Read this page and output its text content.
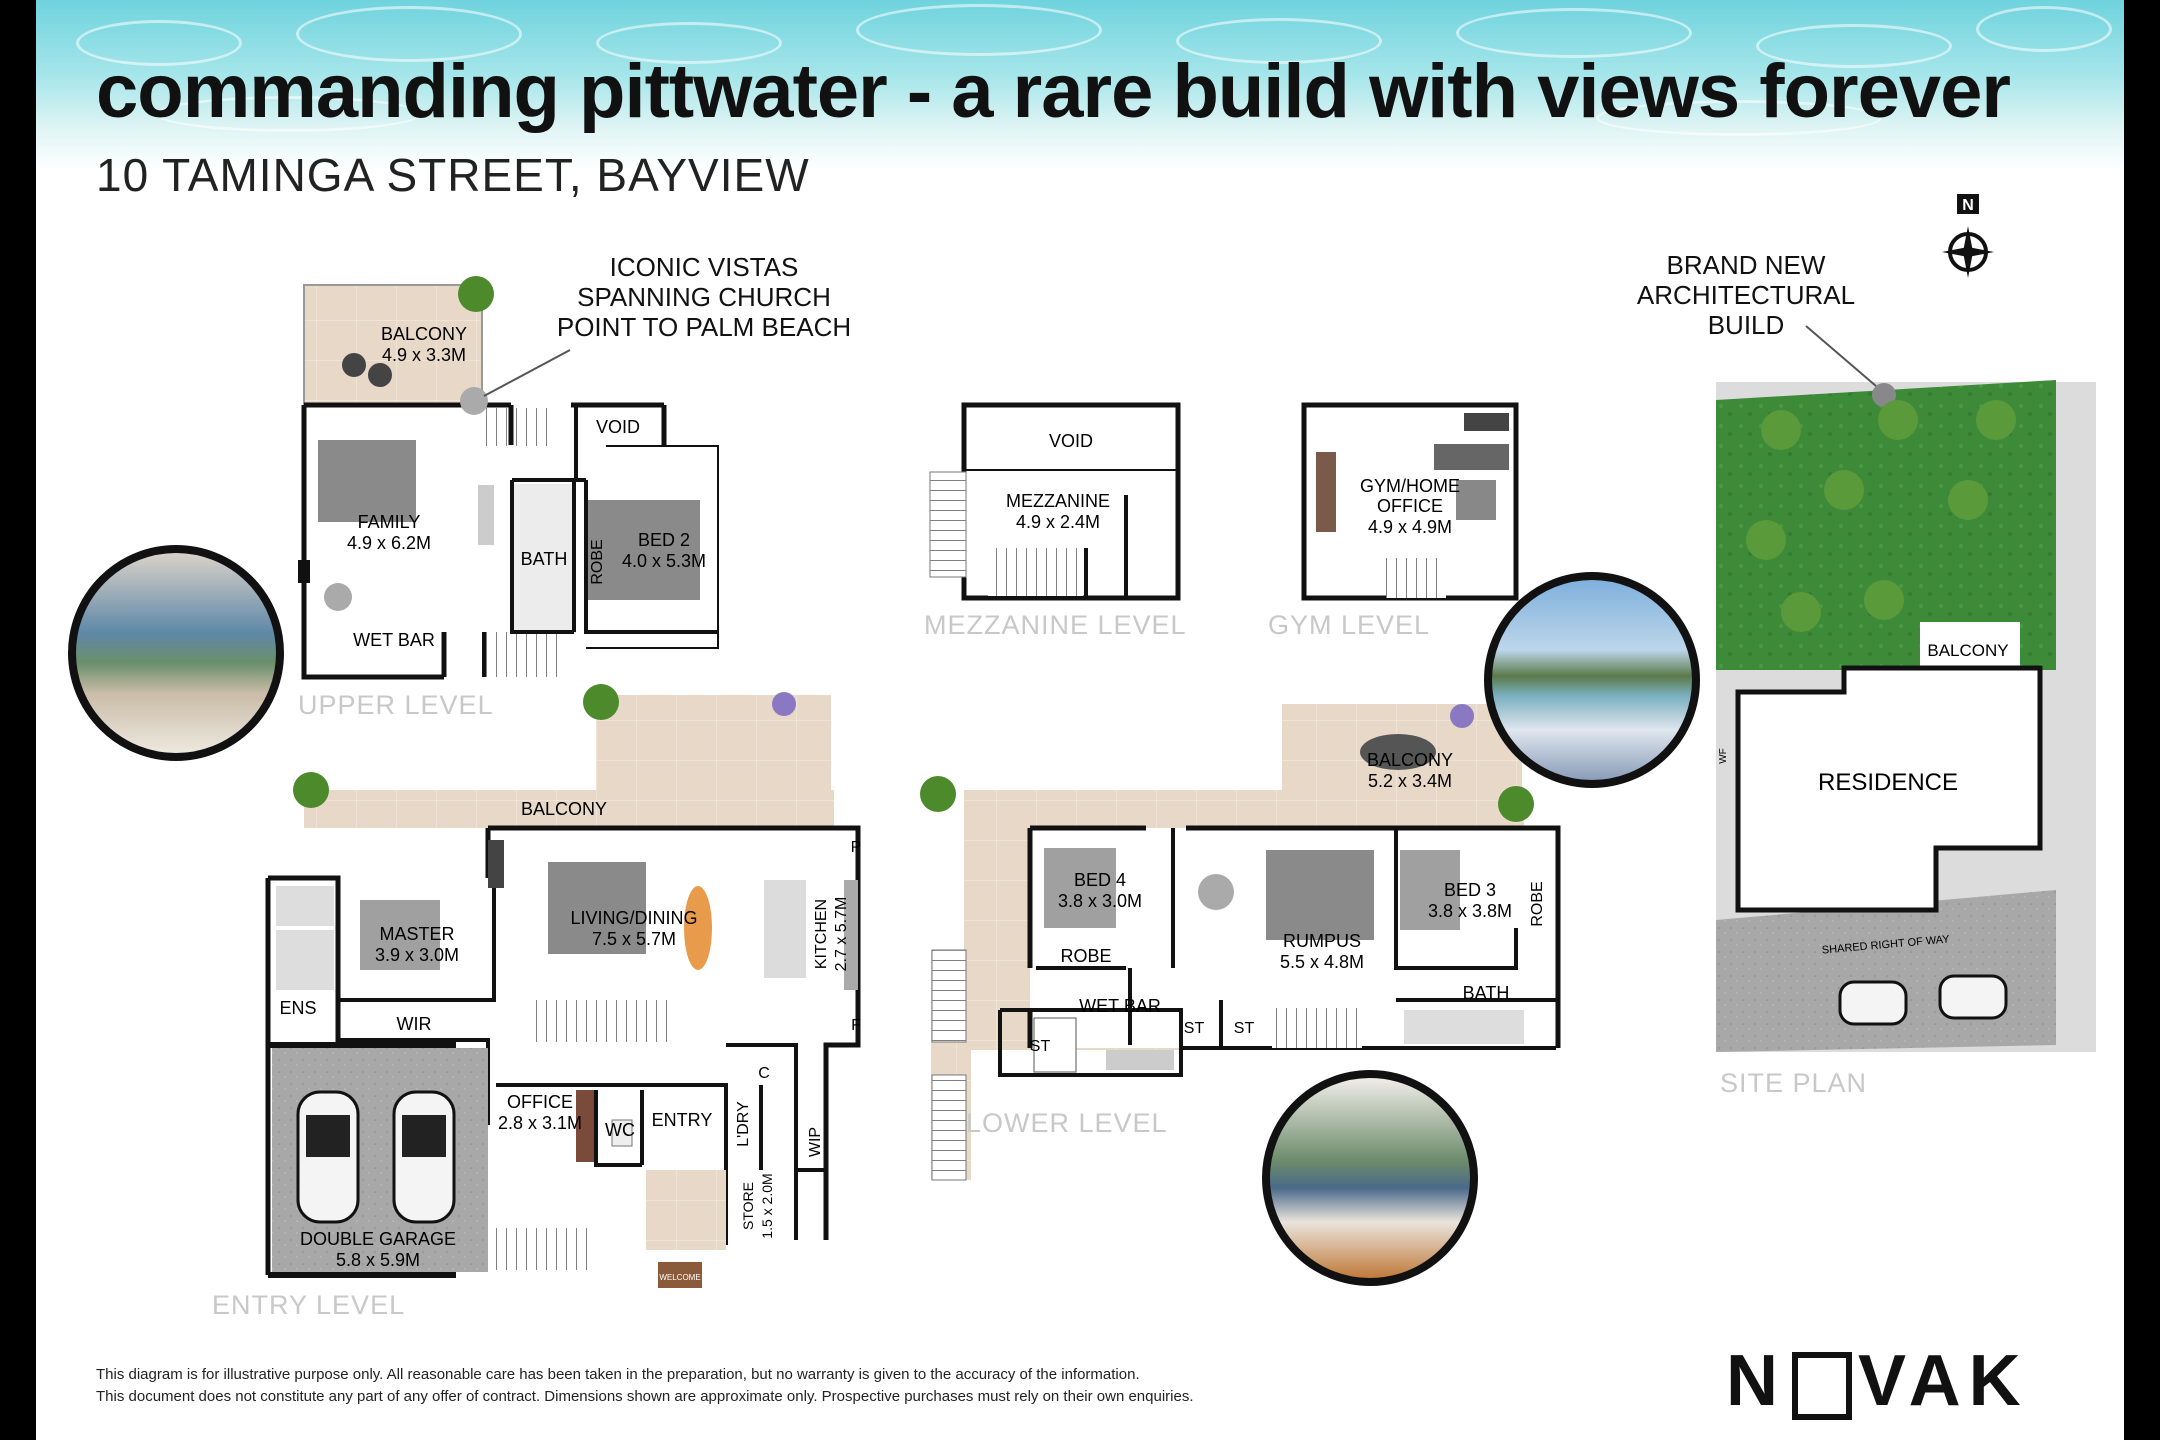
commanding pittwater - a rare build with views forever
10 TAMINGA STREET, BAYVIEW
ICONIC VISTAS
SPANNING CHURCH
POINT TO PALM BEACH
BRAND NEW
ARCHITECTURAL
BUILD
N
BALCONY
4.9 x 3.3M
VOID
FAMILY
4.9 x 6.2M
BATH ROBE BED 2
4.0 x 5.3M
WET BAR
VOID
MEZZANINE
4.9 x 2.4M
GYM/HOME
OFFICE
4.9 x 4.9M
BALCONY
MASTER
3.9 x 3.0M
LIVING/DINING
7.5 x 5.7M	KITCHEN 2.7 x 5.7M
P
F
C
ENS
WIR
OFFICE
2.8 x 3.1M WC ENTRY L'DRY	WIP
STORE 1.5 x 2.0M
DOUBLE GARAGE
5.8 x 5.9M
WELCOME
BALCONY
5.2 x 3.4M
BED 4
3.8 x 3.0M
ROBE
RUMPUS
5.5 x 4.8M
BED 3
3.8 x 3.8M ROBE
WET BAR
ST
ST ST
BATH
BALCONY
RESIDENCE
SHARED RIGHT OF WAY
WF
UPPER LEVEL
MEZZANINE LEVEL	GYM LEVEL
ENTRY LEVEL
LOWER LEVEL
SITE PLAN
This diagram is for illustrative purpose only. All reasonable care has been taken in the preparation, but no warranty is given to the accuracy of the information.
This document does not constitute any part of any offer of contract. Dimensions shown are approximate only. Prospective purchases must rely on their own enquiries.	N VAK
